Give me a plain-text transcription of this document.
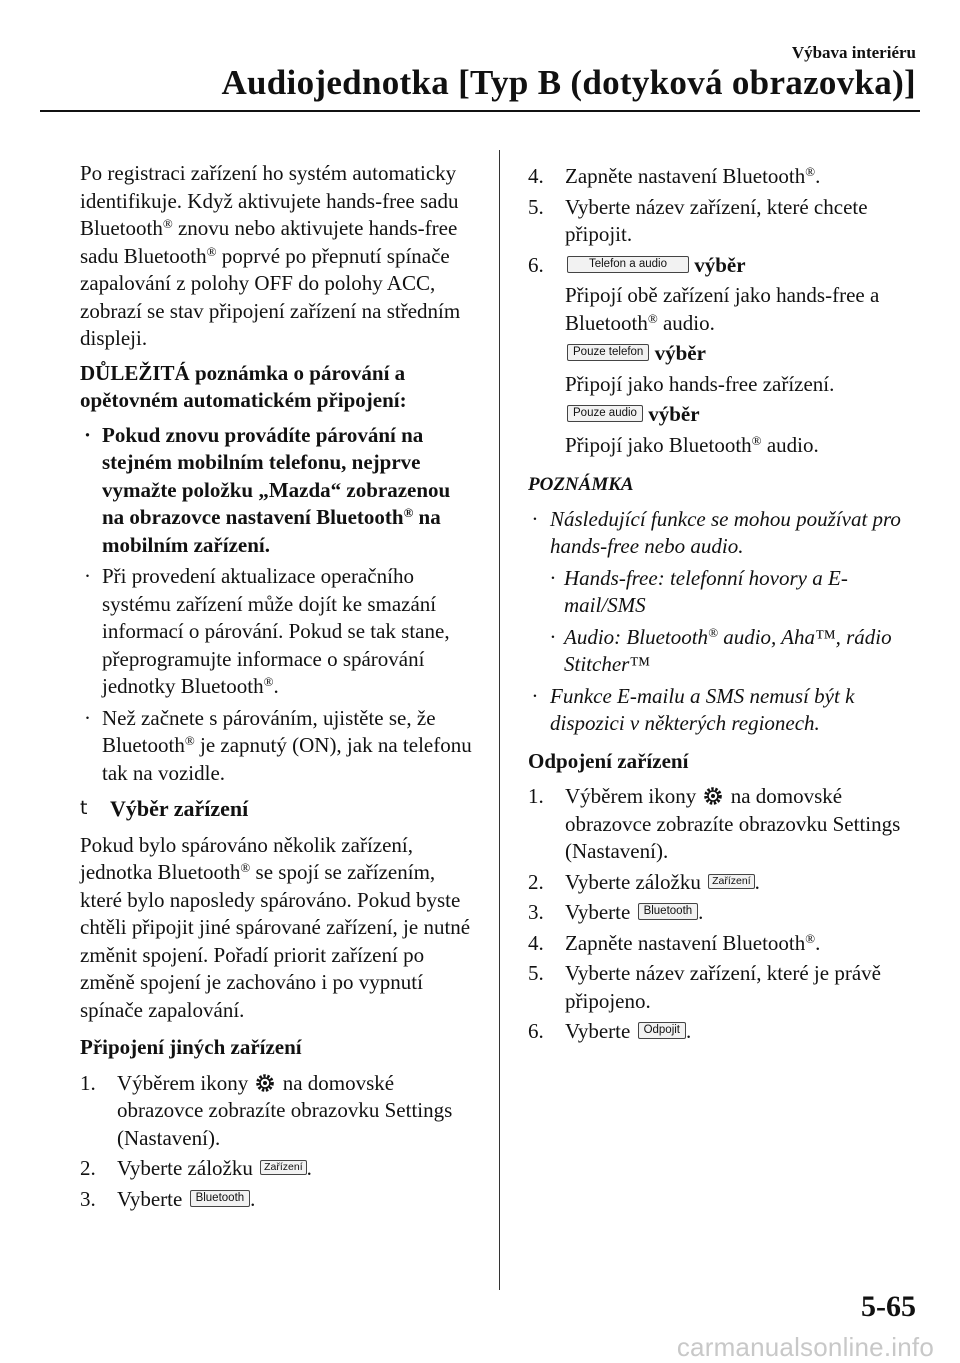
Výbava interiéru
Audiojednotka [Typ B (dotyková obrazovka)]

Po registraci zařízení ho systém automaticky identifikuje. Když aktivujete hands-free sadu Bluetooth® znovu nebo aktivujete hands-free sadu Bluetooth® poprvé po přepnutí spínače zapalování z polohy OFF do polohy ACC, zobrazí se stav připojení zařízení na středním displeji.

DŮLEŽITÁ poznámka o párování a opětovném automatickém připojení:

· Pokud znovu provádíte párování na stejném mobilním telefonu, nejprve vymažte položku „Mazda“ zobrazenou na obrazovce nastavení Bluetooth® na mobilním zařízení.
· Při provedení aktualizace operačního systému zařízení může dojít ke smazání informací o párování. Pokud se tak stane, přeprogramujte informace o spárování jednotky Bluetooth®.
· Než začnete s párováním, ujistěte se, že Bluetooth® je zapnutý (ON), jak na telefonu tak na vozidle.
t Výběr zařízení

Pokud bylo spárováno několik zařízení, jednotka Bluetooth® se spojí se zařízením, které bylo naposledy spárováno. Pokud byste chtěli připojit jiné spárované zařízení, je nutné změnit spojení. Pořadí priorit zařízení po změně spojení je zachováno i po vypnutí spínače zapalování.

Připojení jiných zařízení
1. Výběrem ikony na domovské obrazovce zobrazíte obrazovku Settings (Nastavení).
2. Vyberte záložku Zařízení .
3. Vyberte Bluetooth .
4. Zapněte nastavení Bluetooth®.
5. Vyberte název zařízení, které chcete připojit.
6.	Telefon a audio výběr
Připojí obě zařízení jako hands-free a Bluetooth® audio.
Pouze telefon výběr
Připojí jako hands-free zařízení.
Pouze audio výběr
Připojí jako Bluetooth® audio.

POZNÁMKA

· Následující funkce se mohou používat pro hands-free nebo audio.
· Hands-free: telefonní hovory a E-mail/SMS
· Audio: Bluetooth® audio, Aha™, rádio Stitcher™
· Funkce E-mailu a SMS nemusí být k dispozici v některých regionech.
Odpojení zařízení
1. Výběrem ikony na domovské obrazovce zobrazíte obrazovku Settings (Nastavení).
2. Vyberte záložku Zařízení .
3. Vyberte Bluetooth .
4. Zapněte nastavení Bluetooth®.
5. Vyberte název zařízení, které je právě připojeno.
6. Vyberte Odpojit .
5-65
carmanualsonline.info
